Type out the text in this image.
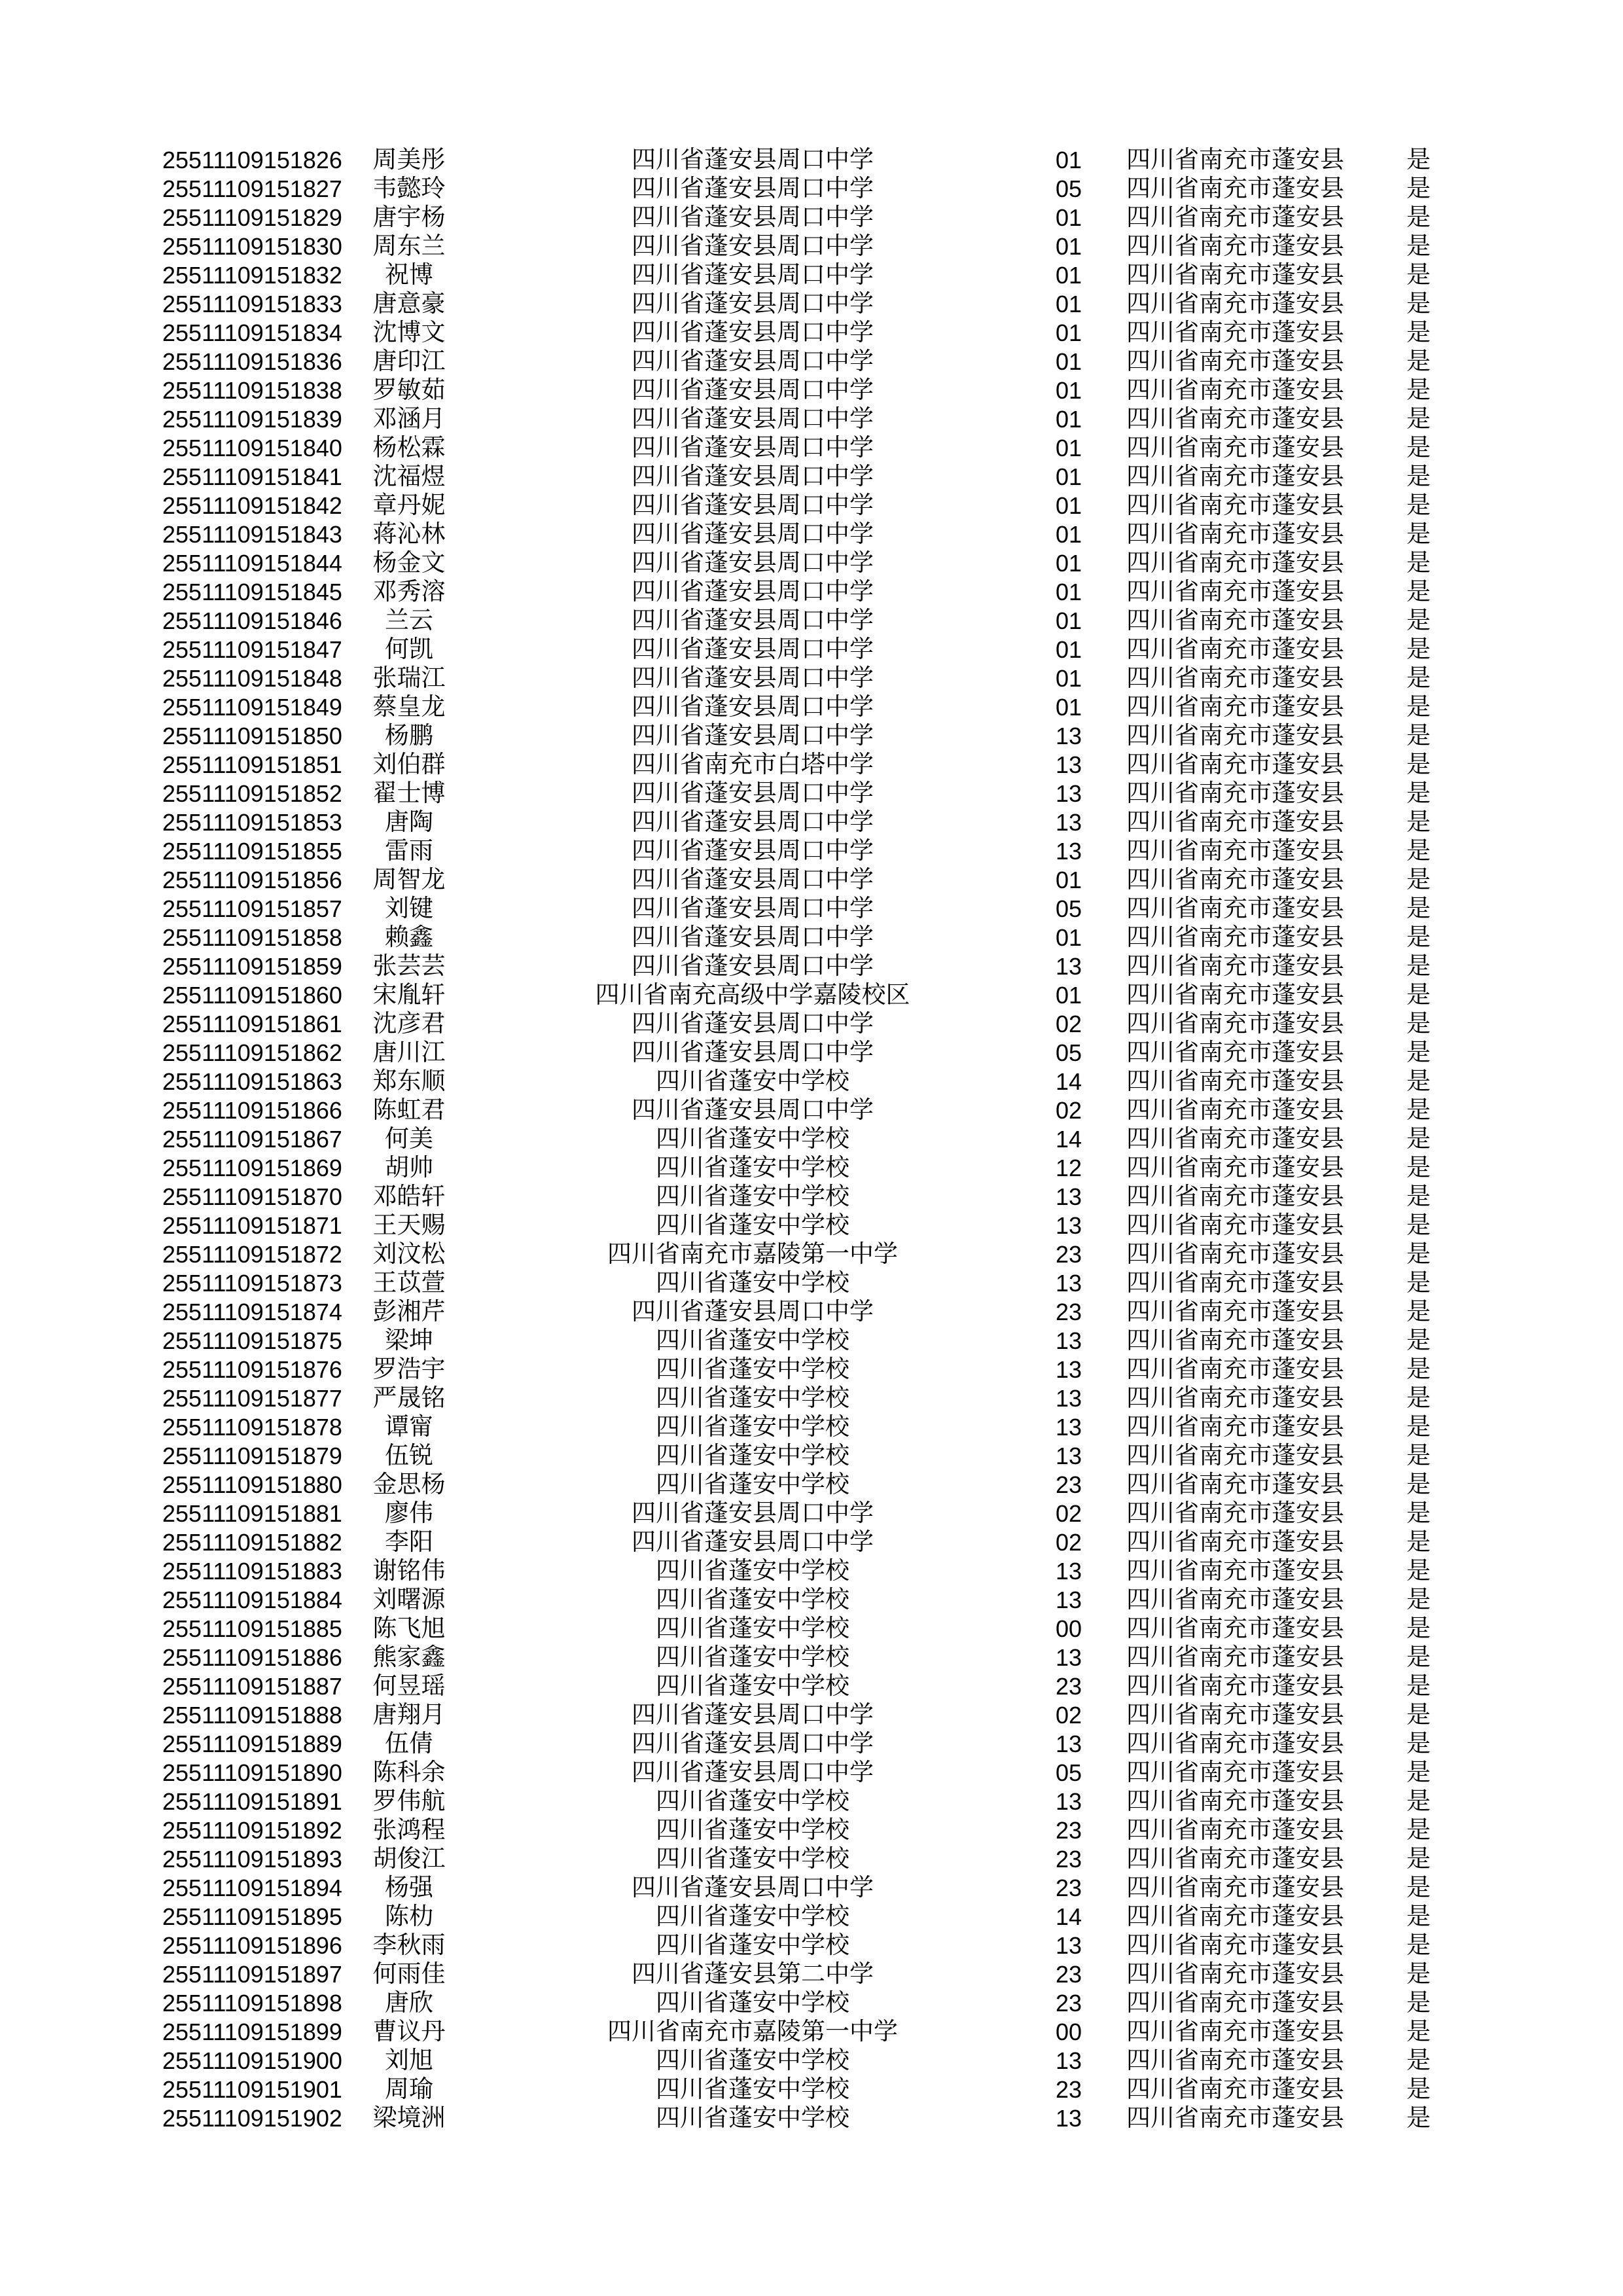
25511109151826	周美彤	四川省蓬安县周口中学	01	四川省南充市蓬安县	是
25511109151827	韦懿玲	四川省蓬安县周口中学	05	四川省南充市蓬安县	是
25511109151829	唐宇杨	四川省蓬安县周口中学	01	四川省南充市蓬安县	是
25511109151830	周东兰	四川省蓬安县周口中学	01	四川省南充市蓬安县	是
25511109151832	祝博	四川省蓬安县周口中学	01	四川省南充市蓬安县	是
25511109151833	唐意豪	四川省蓬安县周口中学	01	四川省南充市蓬安县	是
25511109151834	沈博文	四川省蓬安县周口中学	01	四川省南充市蓬安县	是
25511109151836	唐印江	四川省蓬安县周口中学	01	四川省南充市蓬安县	是
25511109151838	罗敏茹	四川省蓬安县周口中学	01	四川省南充市蓬安县	是
25511109151839	邓涵月	四川省蓬安县周口中学	01	四川省南充市蓬安县	是
25511109151840	杨松霖	四川省蓬安县周口中学	01	四川省南充市蓬安县	是
25511109151841	沈福煜	四川省蓬安县周口中学	01	四川省南充市蓬安县	是
25511109151842	章丹妮	四川省蓬安县周口中学	01	四川省南充市蓬安县	是
25511109151843	蒋沁林	四川省蓬安县周口中学	01	四川省南充市蓬安县	是
25511109151844	杨金文	四川省蓬安县周口中学	01	四川省南充市蓬安县	是
25511109151845	邓秀溶	四川省蓬安县周口中学	01	四川省南充市蓬安县	是
25511109151846	兰云	四川省蓬安县周口中学	01	四川省南充市蓬安县	是
25511109151847	何凯	四川省蓬安县周口中学	01	四川省南充市蓬安县	是
25511109151848	张瑞江	四川省蓬安县周口中学	01	四川省南充市蓬安县	是
25511109151849	蔡皇龙	四川省蓬安县周口中学	01	四川省南充市蓬安县	是
25511109151850	杨鹏	四川省蓬安县周口中学	13	四川省南充市蓬安县	是
25511109151851	刘伯群	四川省南充市白塔中学	13	四川省南充市蓬安县	是
25511109151852	翟士博	四川省蓬安县周口中学	13	四川省南充市蓬安县	是
25511109151853	唐陶	四川省蓬安县周口中学	13	四川省南充市蓬安县	是
25511109151855	雷雨	四川省蓬安县周口中学	13	四川省南充市蓬安县	是
25511109151856	周智龙	四川省蓬安县周口中学	01	四川省南充市蓬安县	是
25511109151857	刘键	四川省蓬安县周口中学	05	四川省南充市蓬安县	是
25511109151858	赖鑫	四川省蓬安县周口中学	01	四川省南充市蓬安县	是
25511109151859	张芸芸	四川省蓬安县周口中学	13	四川省南充市蓬安县	是
25511109151860	宋胤轩	四川省南充高级中学嘉陵校区	01	四川省南充市蓬安县	是
25511109151861	沈彦君	四川省蓬安县周口中学	02	四川省南充市蓬安县	是
25511109151862	唐川江	四川省蓬安县周口中学	05	四川省南充市蓬安县	是
25511109151863	郑东顺	四川省蓬安中学校	14	四川省南充市蓬安县	是
25511109151866	陈虹君	四川省蓬安县周口中学	02	四川省南充市蓬安县	是
25511109151867	何美	四川省蓬安中学校	14	四川省南充市蓬安县	是
25511109151869	胡帅	四川省蓬安中学校	12	四川省南充市蓬安县	是
25511109151870	邓皓轩	四川省蓬安中学校	13	四川省南充市蓬安县	是
25511109151871	王天赐	四川省蓬安中学校	13	四川省南充市蓬安县	是
25511109151872	刘汶松	四川省南充市嘉陵第一中学	23	四川省南充市蓬安县	是
25511109151873	王苡萱	四川省蓬安中学校	13	四川省南充市蓬安县	是
25511109151874	彭湘芹	四川省蓬安县周口中学	23	四川省南充市蓬安县	是
25511109151875	梁坤	四川省蓬安中学校	13	四川省南充市蓬安县	是
25511109151876	罗浩宇	四川省蓬安中学校	13	四川省南充市蓬安县	是
25511109151877	严晟铭	四川省蓬安中学校	13	四川省南充市蓬安县	是
25511109151878	谭甯	四川省蓬安中学校	13	四川省南充市蓬安县	是
25511109151879	伍锐	四川省蓬安中学校	13	四川省南充市蓬安县	是
25511109151880	金思杨	四川省蓬安中学校	23	四川省南充市蓬安县	是
25511109151881	廖伟	四川省蓬安县周口中学	02	四川省南充市蓬安县	是
25511109151882	李阳	四川省蓬安县周口中学	02	四川省南充市蓬安县	是
25511109151883	谢铭伟	四川省蓬安中学校	13	四川省南充市蓬安县	是
25511109151884	刘曙源	四川省蓬安中学校	13	四川省南充市蓬安县	是
25511109151885	陈飞旭	四川省蓬安中学校	00	四川省南充市蓬安县	是
25511109151886	熊家鑫	四川省蓬安中学校	13	四川省南充市蓬安县	是
25511109151887	何昱瑶	四川省蓬安中学校	23	四川省南充市蓬安县	是
25511109151888	唐翔月	四川省蓬安县周口中学	02	四川省南充市蓬安县	是
25511109151889	伍倩	四川省蓬安县周口中学	13	四川省南充市蓬安县	是
25511109151890	陈科余	四川省蓬安县周口中学	05	四川省南充市蓬安县	是
25511109151891	罗伟航	四川省蓬安中学校	13	四川省南充市蓬安县	是
25511109151892	张鸿程	四川省蓬安中学校	23	四川省南充市蓬安县	是
25511109151893	胡俊江	四川省蓬安中学校	23	四川省南充市蓬安县	是
25511109151894	杨强	四川省蓬安县周口中学	23	四川省南充市蓬安县	是
25511109151895	陈朸	四川省蓬安中学校	14	四川省南充市蓬安县	是
25511109151896	李秋雨	四川省蓬安中学校	13	四川省南充市蓬安县	是
25511109151897	何雨佳	四川省蓬安县第二中学	23	四川省南充市蓬安县	是
25511109151898	唐欣	四川省蓬安中学校	23	四川省南充市蓬安县	是
25511109151899	曹议丹	四川省南充市嘉陵第一中学	00	四川省南充市蓬安县	是
25511109151900	刘旭	四川省蓬安中学校	13	四川省南充市蓬安县	是
25511109151901	周瑜	四川省蓬安中学校	23	四川省南充市蓬安县	是
25511109151902	梁境洲	四川省蓬安中学校	13	四川省南充市蓬安县	是
